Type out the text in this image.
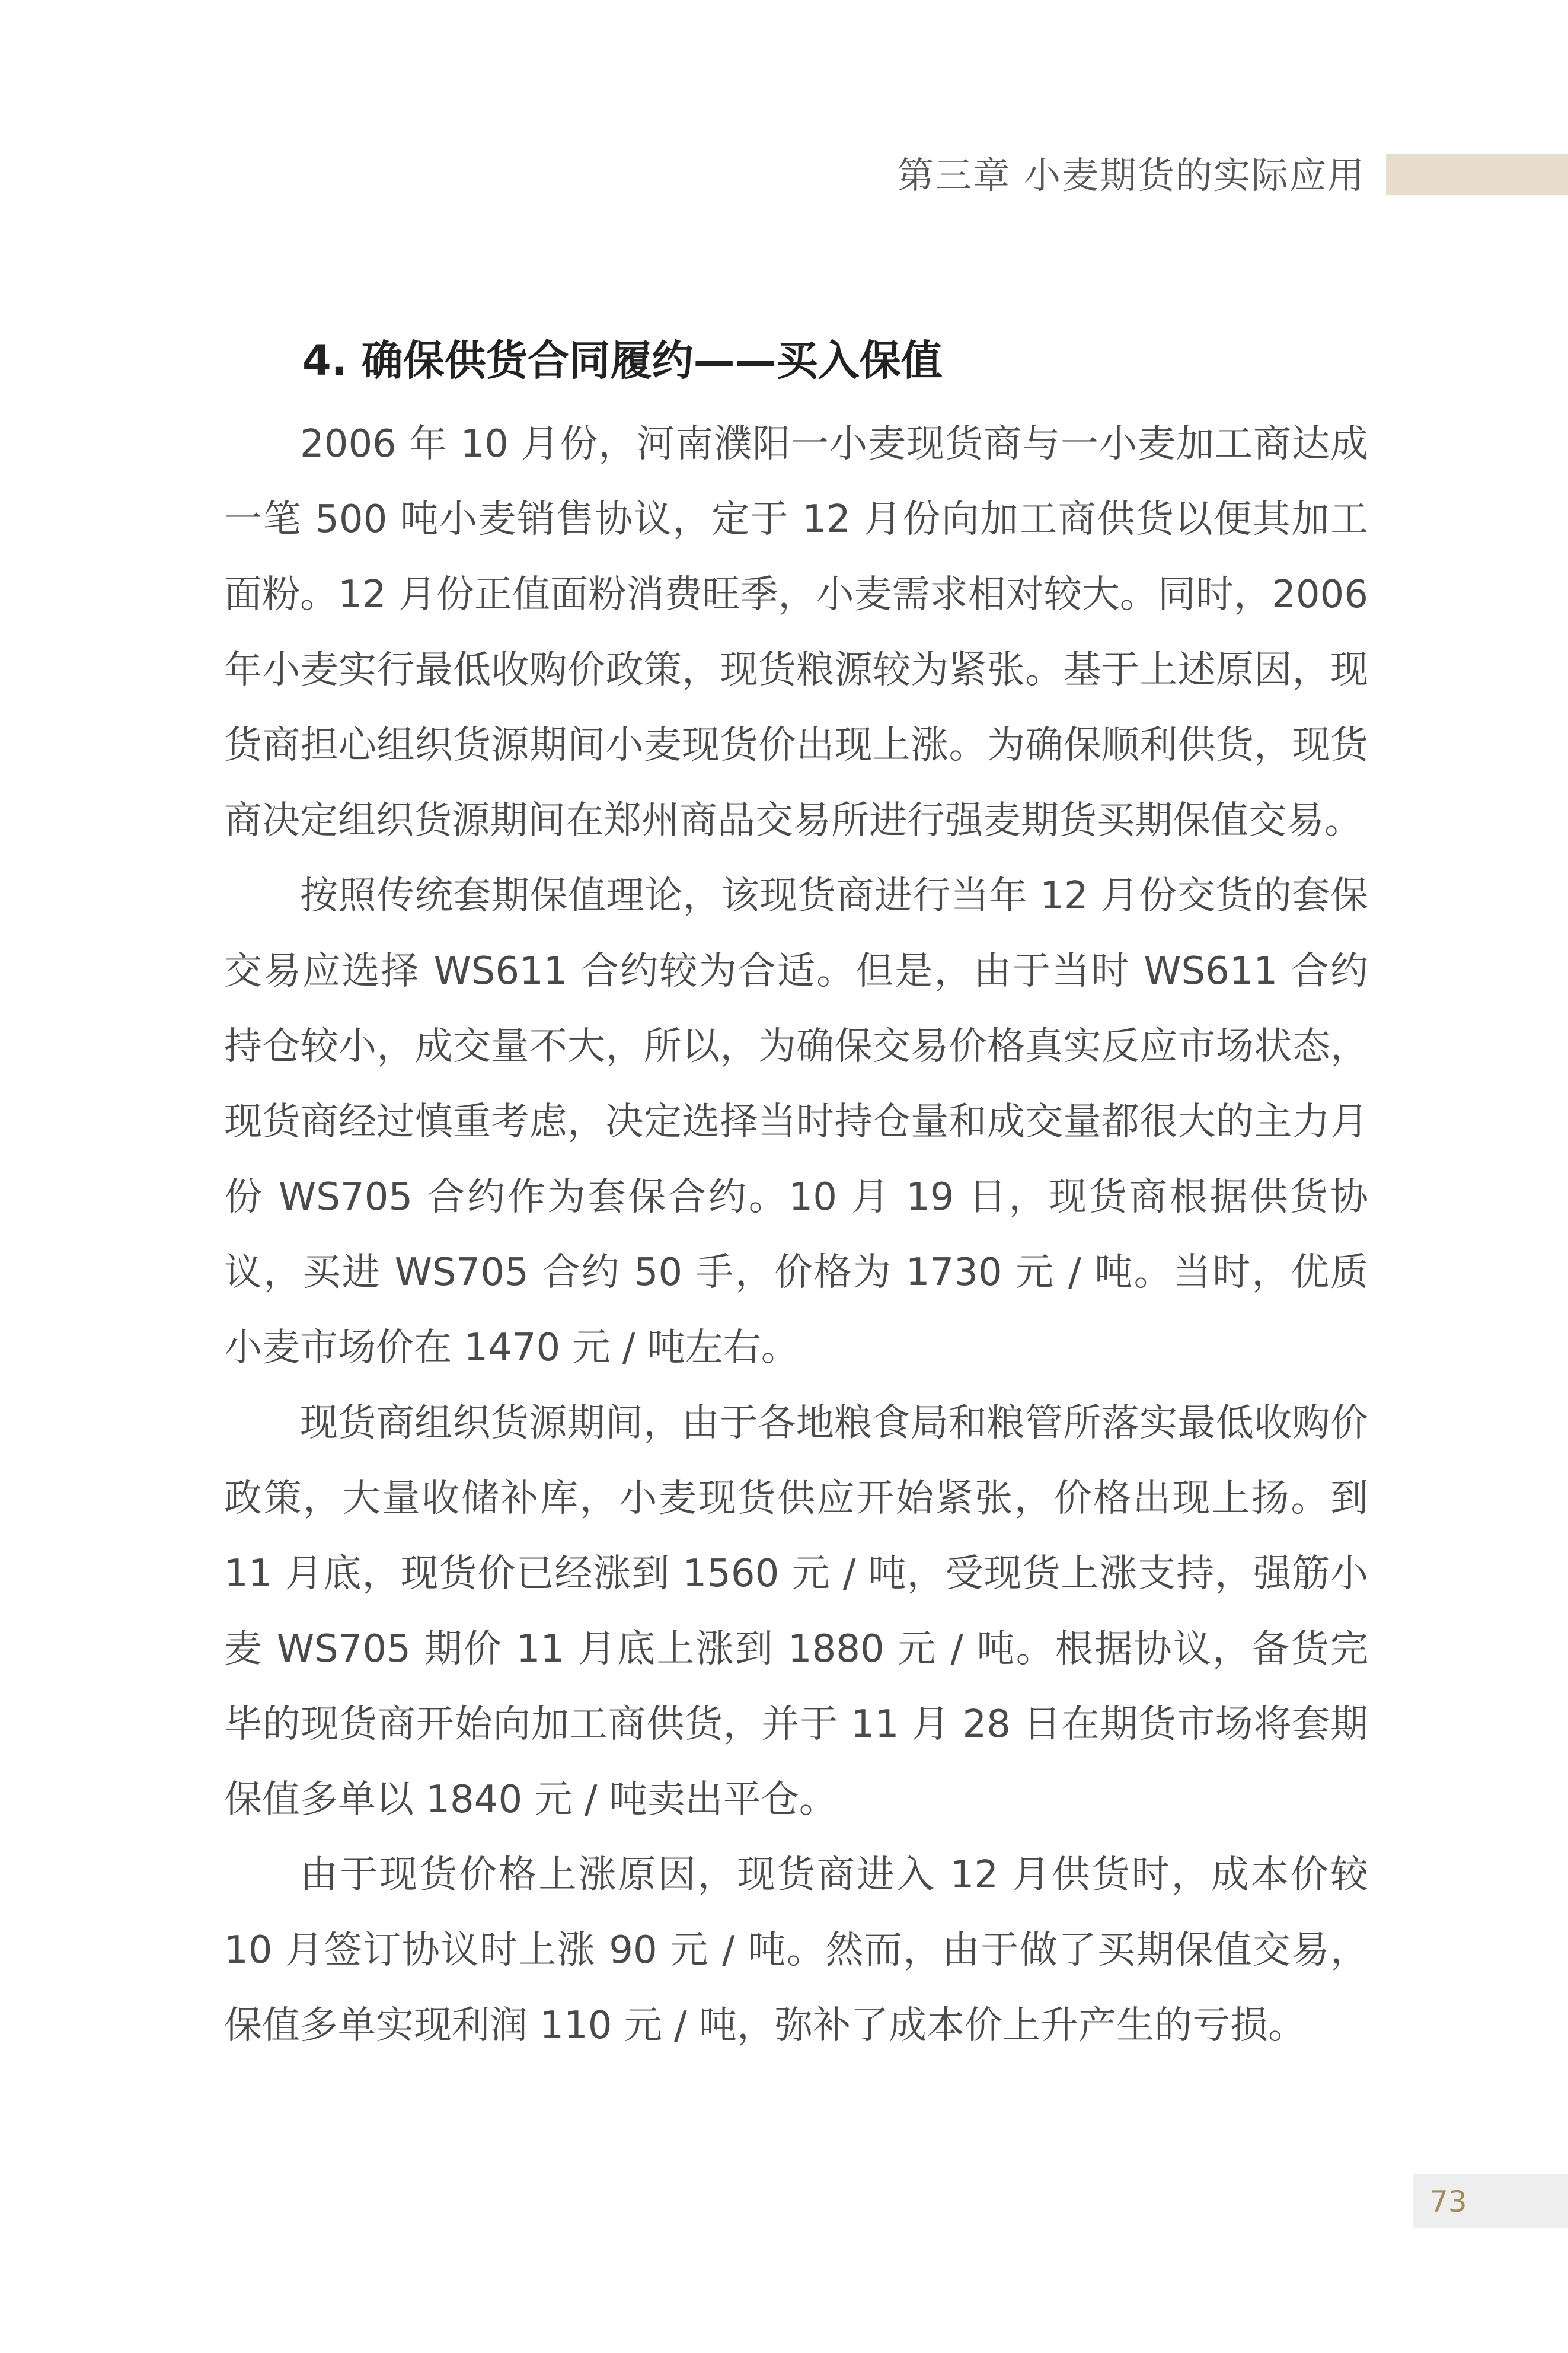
第三章 小麦期货的实际应用
4. 确保供货合同履约——买入保值

2006 年 10 月份，河南濮阳一小麦现货商与一小麦加工商达成一笔 500 吨小麦销售协议，定于 12 月份向加工商供货以便其加工面粉。12 月份正值面粉消费旺季，小麦需求相对较大。同时，2006 年小麦实行最低收购价政策，现货粮源较为紧张。基于上述原因，现货商担心组织货源期间小麦现货价出现上涨。为确保顺利供货，现货商决定组织货源期间在郑州商品交易所进行强麦期货买期保值交易。

按照传统套期保值理论，该现货商进行当年 12 月份交货的套保交易应选择 WS611 合约较为合适。但是，由于当时 WS611 合约持仓较小，成交量不大，所以，为确保交易价格真实反应市场状态，现货商经过慎重考虑，决定选择当时持仓量和成交量都很大的主力月份 WS705 合约作为套保合约。10 月 19 日，现货商根据供货协议，买进 WS705 合约 50 手，价格为 1730 元 / 吨。当时，优质小麦市场价在 1470 元 / 吨左右。

现货商组织货源期间，由于各地粮食局和粮管所落实最低收购价政策，大量收储补库，小麦现货供应开始紧张，价格出现上扬。到 11 月底，现货价已经涨到 1560 元 / 吨，受现货上涨支持，强筋小麦 WS705 期价 11 月底上涨到 1880 元 / 吨。根据协议，备货完毕的现货商开始向加工商供货，并于 11 月 28 日在期货市场将套期保值多单以 1840 元 / 吨卖出平仓。

由于现货价格上涨原因，现货商进入 12 月供货时，成本价较 10 月签订协议时上涨 90 元 / 吨。然而，由于做了买期保值交易，保值多单实现利润 110 元 / 吨，弥补了成本价上升产生的亏损。

73
